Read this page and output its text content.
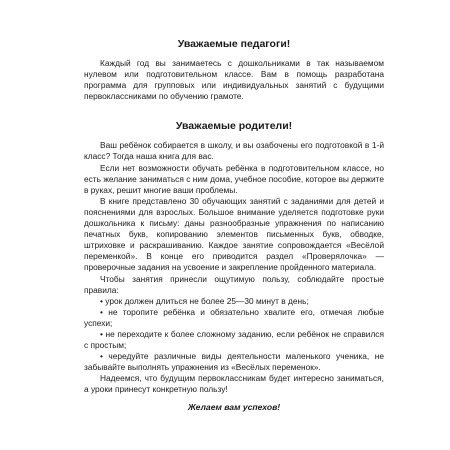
Уважаемые педагоги!

Каждый год вы занимаетесь с дошкольниками в так называемом нулевом или подготовительном классе. Вам в помощь разработана программа для групповых или индивидуальных занятий с будущими первоклассниками по обучению грамоте.

Уважаемые родители!

Ваш ребёнок собирается в школу, и вы озабочены его подготовкой в 1-й класс? Тогда наша книга для вас.

Если нет возможности обучать ребёнка в подготовительном классе, но есть желание заниматься с ним дома, учебное пособие, которое вы держите в руках, решит многие ваши проблемы.

В книге представлено 30 обучающих занятий с заданиями для детей и пояснениями для взрослых. Большое внимание уделяется подготовке руки дошкольника к письму: даны разнообразные упражнения по написанию печатных букв, копированию элементов письменных букв, обводке, штриховке и раскрашиванию. Каждое занятие сопровождается «Весёлой переменкой». В конце его приводится раздел «Проверялочка» — проверочные задания на усвоение и закрепление пройденного материала.

Чтобы занятия принесли ощутимую пользу, соблюдайте простые правила:

• урок должен длиться не более 25—30 минут в день;

• не торопите ребёнка и обязательно хвалите его, отмечая любые успехи;

• не переходите к более сложному заданию, если ребёнок не справился с простым;

• чередуйте различные виды деятельности маленького ученика, не забывайте выполнять упражнения из «Весёлых переменок».

Надеемся, что будущим первоклассникам будет интересно заниматься, а уроки принесут конкретную пользу!

Желаем вам успехов!
